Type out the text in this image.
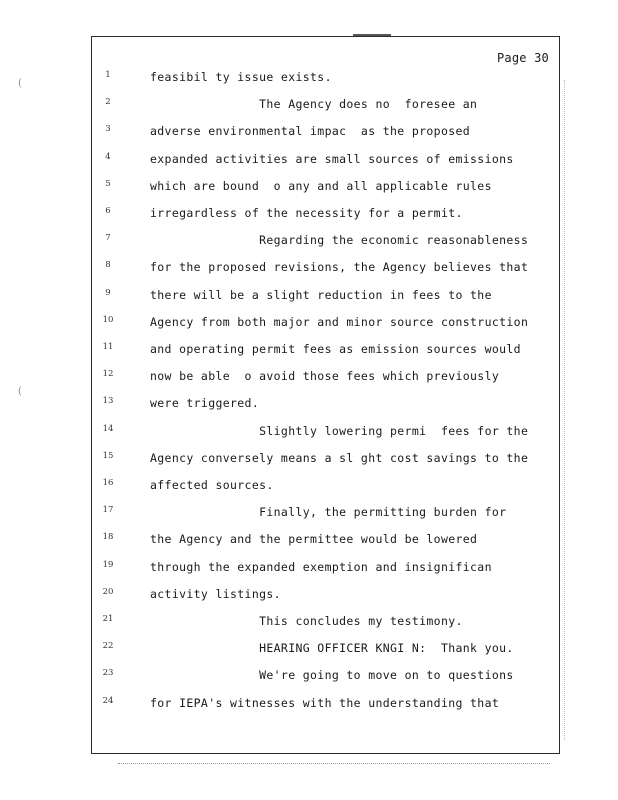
Page 30
1	feasibil ty issue exists.
2	The Agency does no  foresee an
3	adverse environmental impac  as the proposed
4	expanded activities are small sources of emissions
5	which are bound  o any and all applicable rules
6	irregardless of the necessity for a permit.
7	Regarding the economic reasonableness
8	for the proposed revisions, the Agency believes that
9	there will be a slight reduction in fees to the
10	Agency from both major and minor source construction
11	and operating permit fees as emission sources would
12	now be able  o avoid those fees which previously
13	were triggered.
14	Slightly lowering permi  fees for the
15	Agency conversely means a sl ght cost savings to the
16	affected sources.
17	Finally, the permitting burden for
18	the Agency and the permittee would be lowered
19	through the expanded exemption and insignifican
20	activity listings.
21	This concludes my testimony.
22	HEARING OFFICER KNGI N:  Thank you.
23	We're going to move on to questions
24	for IEPA's witnesses with the understanding that
(
(
